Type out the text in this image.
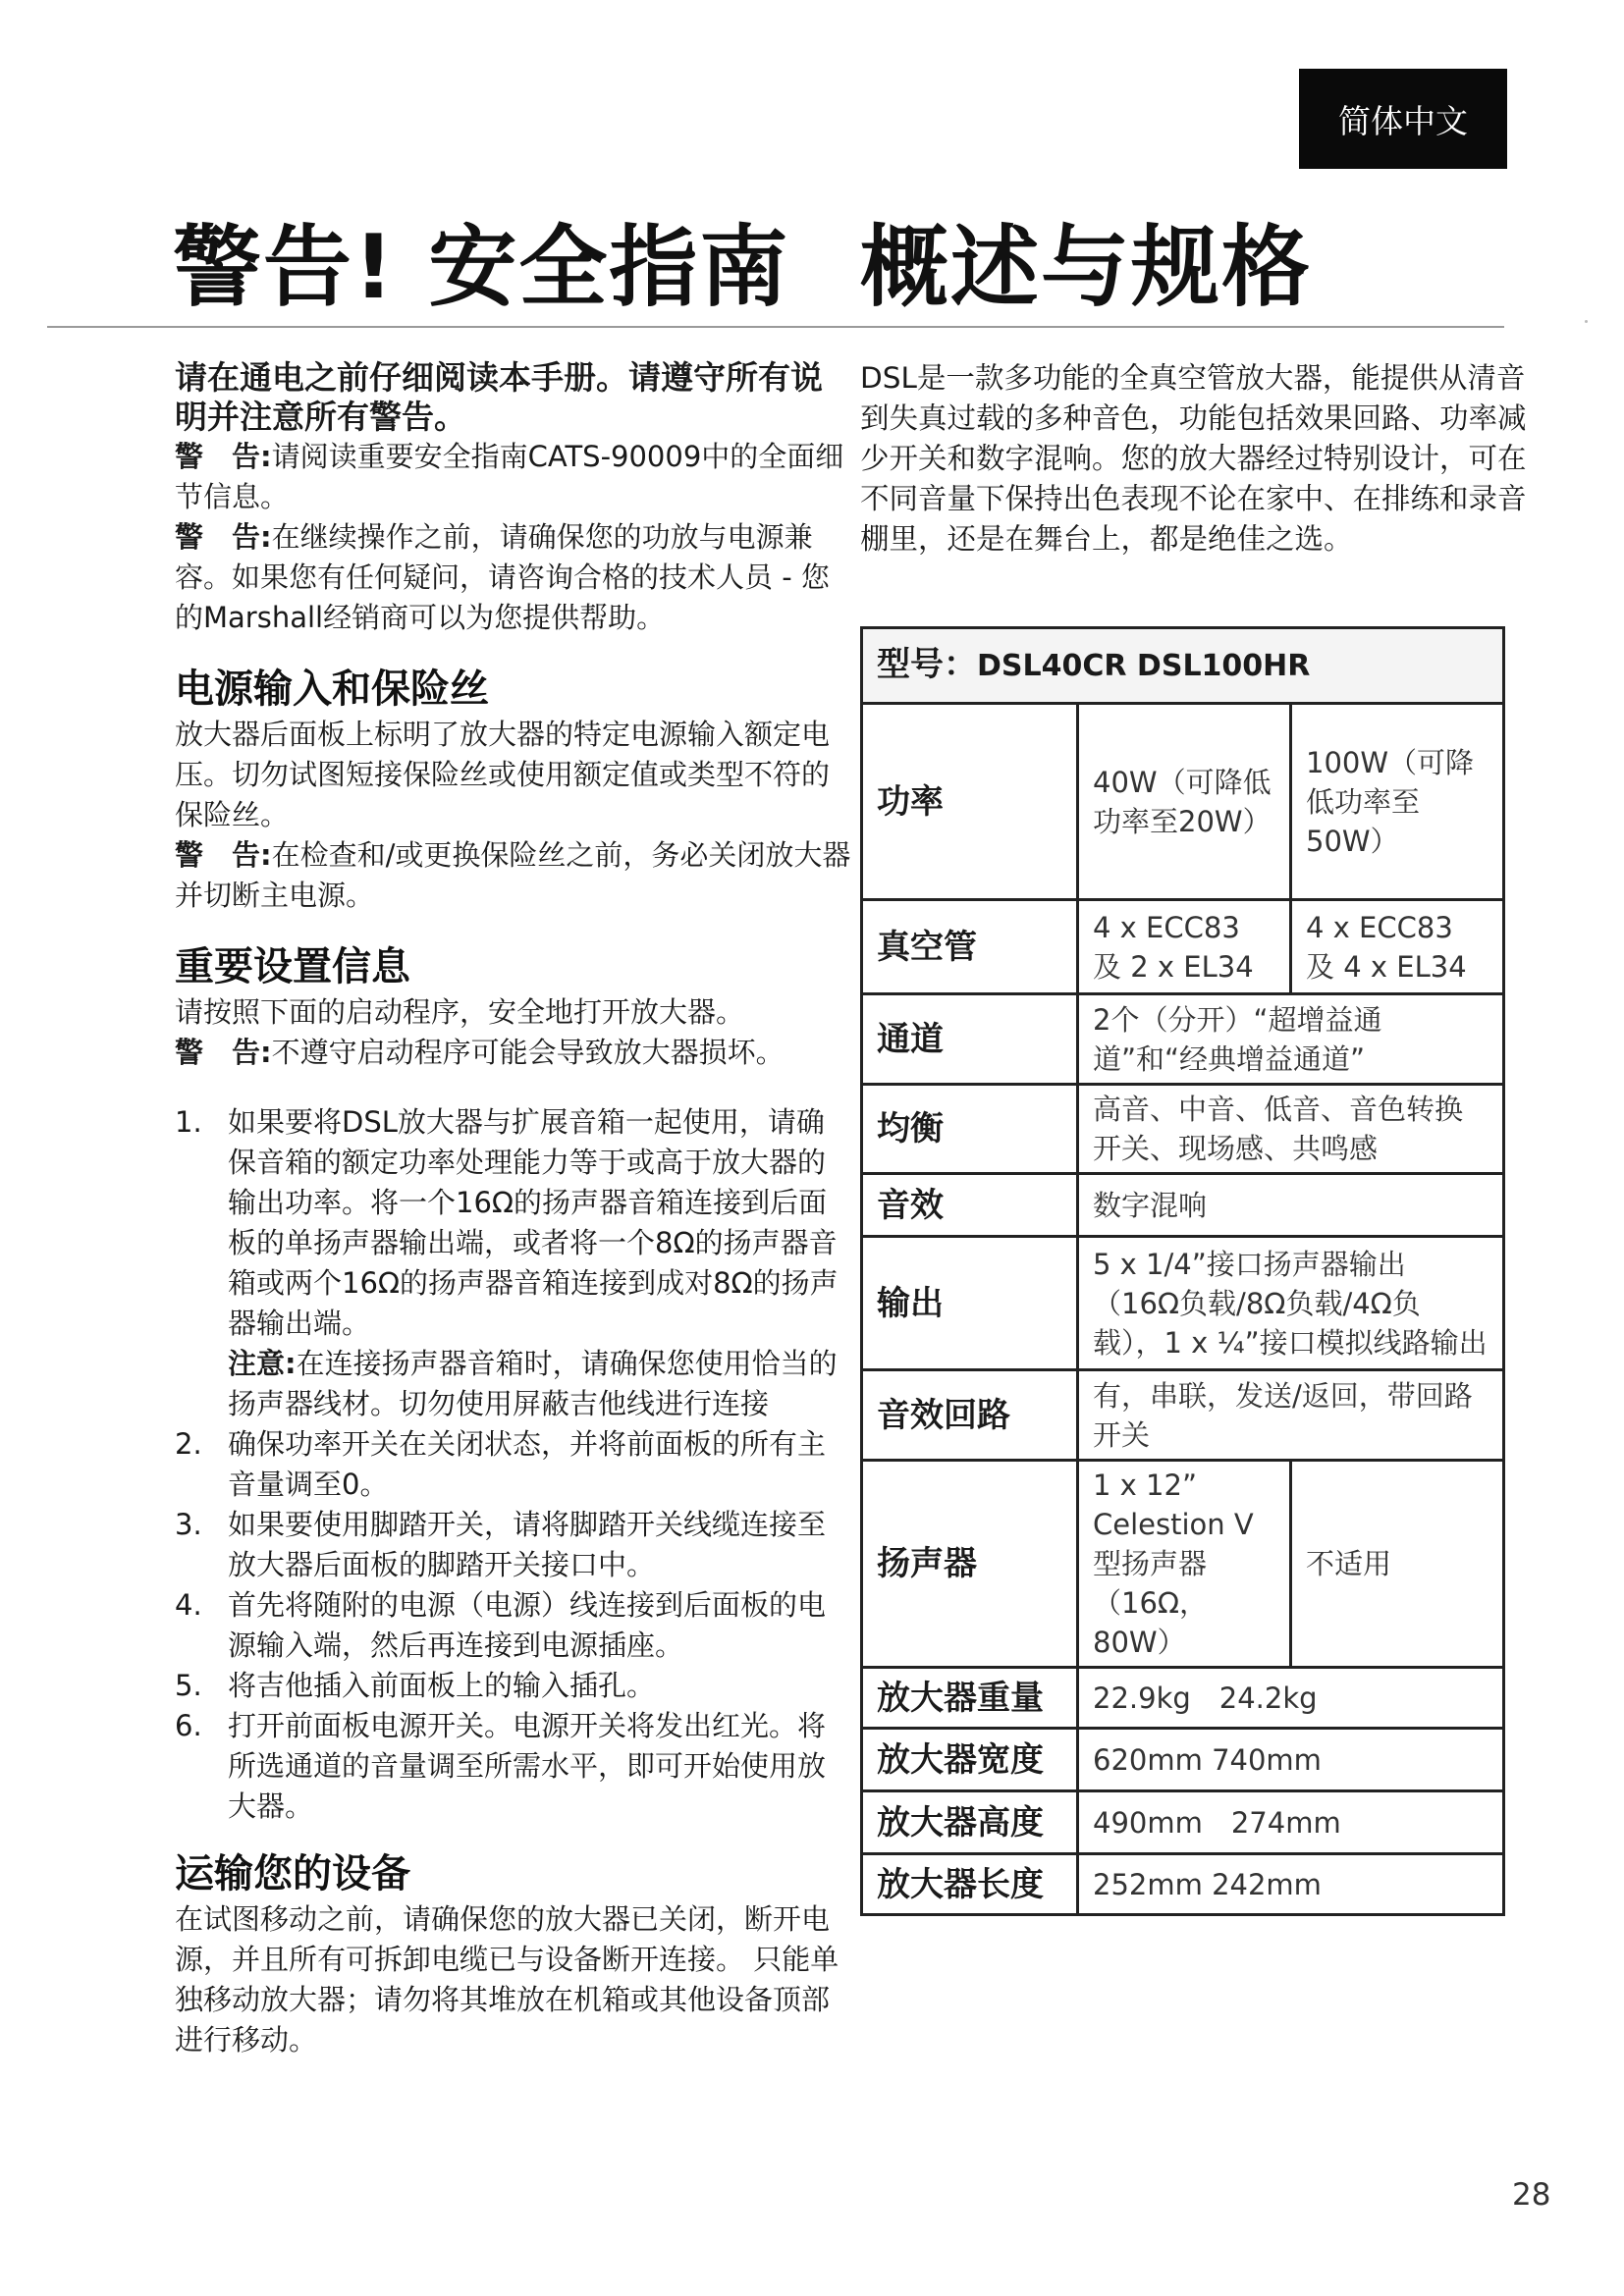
简体中文
警告! 安全指南 概述与规格

请在通电之前仔细阅读本手册。请遵守所有说明并注意所有警告。

警　告:请阅读重要安全指南CATS-90009中的全面细节信息。

警　告:在继续操作之前，请确保您的功放与电源兼容。如果您有任何疑问，请咨询合格的技术人员 - 您的Marshall经销商可以为您提供帮助。

电源输入和保险丝

放大器后面板上标明了放大器的特定电源输入额定电压。切勿试图短接保险丝或使用额定值或类型不符的保险丝。

警　告:在检查和/或更换保险丝之前，务必关闭放大器并切断主电源。

重要设置信息

请按照下面的启动程序，安全地打开放大器。

警　告:不遵守启动程序可能会导致放大器损坏。

1. 如果要将DSL放大器与扩展音箱一起使用，请确保音箱的额定功率处理能力等于或高于放大器的输出功率。将一个16Ω的扬声器音箱连接到后面板的单扬声器输出端，或者将一个8Ω的扬声器音箱或两个16Ω的扬声器音箱连接到成对8Ω的扬声器输出端。
注意:在连接扬声器音箱时，请确保您使用恰当的扬声器线材。切勿使用屏蔽吉他线进行连接
2. 确保功率开关在关闭状态，并将前面板的所有主音量调至0。
3. 如果要使用脚踏开关，请将脚踏开关线缆连接至放大器后面板的脚踏开关接口中。
4. 首先将随附的电源（电源）线连接到后面板的电源输入端，然后再连接到电源插座。
5. 将吉他插入前面板上的输入插孔。
6. 打开前面板电源开关。电源开关将发出红光。将所选通道的音量调至所需水平，即可开始使用放大器。
运输您的设备

在试图移动之前，请确保您的放大器已关闭，断开电源，并且所有可拆卸电缆已与设备断开连接。 只能单独移动放大器；请勿将其堆放在机箱或其他设备顶部进行移动。

DSL是一款多功能的全真空管放大器，能提供从清音到失真过载的多种音色，功能包括效果回路、功率减少开关和数字混响。您的放大器经过特别设计，可在不同音量下保持出色表现不论在家中、在排练和录音棚里，还是在舞台上，都是绝佳之选。

型号：DSL40CR DSL100HR		
功率	40W（可降低功率至20W）	100W（可降低功率至50W）
真空管	4 x ECC83 及 2 x EL34	4 x ECC83 及 4 x EL34
通道	2个（分开）“超增益通道”和“经典增益通道”	
均衡	高音、中音、低音、音色转换开关、现场感、共鸣感	
音效	数字混响	
输出	5 x 1/4”接口扬声器输出（16Ω负载/8Ω负载/4Ω负载），1 x ¼”接口模拟线路输出	
音效回路	有，串联，发送/返回，带回路开关	
扬声器	1 x 12” Celestion V型扬声器（16Ω，80W）	不适用
放大器重量	22.9kg　24.2kg	
放大器宽度	620mm 740mm	
放大器高度	490mm　274mm	
放大器长度	252mm 242mm	
28
